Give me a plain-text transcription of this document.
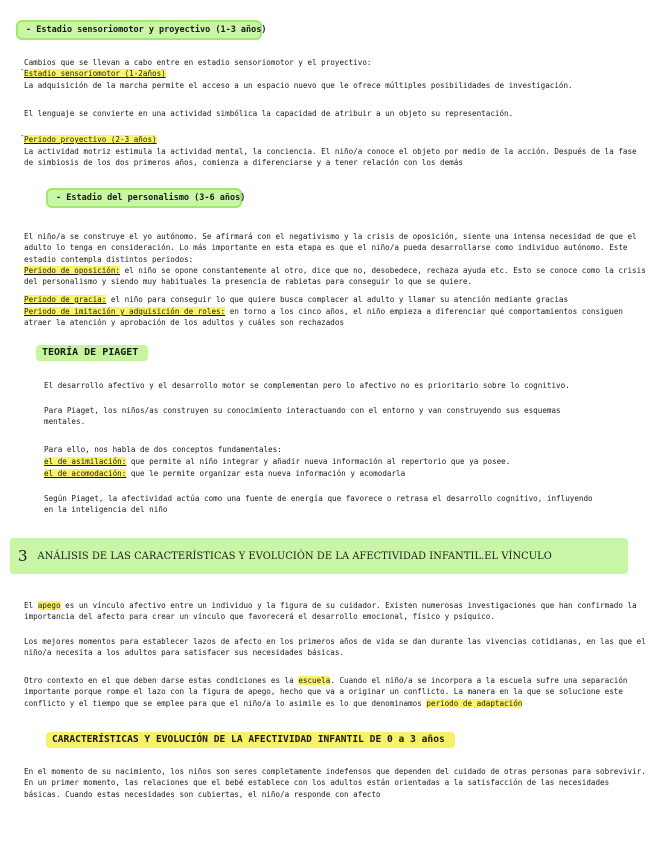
- Estadio sensoriomotor y proyectivo (1-3 años)
Cambios que se llevan a cabo entre en estadio sensoriomotor y el proyectivo:
- Estadio sensoriomotor (1-2años)
La adquisición de la marcha permite el acceso a un espacio nuevo que le ofrece múltiples posibilidades de investigación.
El lenguaje se convierte en una actividad simbólica la capacidad de atribuir a un objeto su representación.
- Periodo proyectivo (2-3 años)
La actividad motriz estimula la actividad mental, la conciencia. El niño/a conoce el objeto por medio de la acción. Después de la fase
de simbiosis de los dos primeros años, comienza a diferenciarse y a tener relación con los demás
- Estadio del personalismo (3-6 años)
El niño/a se construye el yo autónomo. Se afirmará con el negativismo y la crisis de oposición, siente una intensa necesidad de que el adulto lo tenga en consideración. Lo más importante en esta etapa es que el niño/a pueda desarrollarse como individuo autónomo. Este estadio contempla distintos periodos:
Periodo de oposición: el niño se opone constantemente al otro, dice que no, desobedece, rechaza ayuda etc. Esto se conoce como la crisis del personalismo y siendo muy habituales la presencia de rabietas para conseguir lo que se quiere.
Periodo de gracia: el niño para conseguir lo que quiere busca complacer al adulto y llamar su atención mediante gracias
Periodo de imitación y adquisición de roles: en torno a los cinco años, el niño empieza a diferenciar qué comportamientos consiguen atraer la atención y aprobación de los adultos y cuáles son rechazados
TEORÍA DE PIAGET
El desarrollo afectivo y el desarrollo motor se complementan pero lo afectivo no es prioritario sobre lo cognitivo.
Para Piaget, los niños/as construyen su conocimiento interactuando con el entorno y van construyendo sus esquemas mentales.
Para ello, nos habla de dos conceptos fundamentales:
el de asimilación: que permite al niño integrar y añadir nueva información al repertorio que ya posee.
el de acomodación: que le permite organizar esta nueva información y acomodarla
Según Piaget, la afectividad actúa como una fuente de energía que favorece o retrasa el desarrollo cognitivo, influyendo en la inteligencia del niño
3	ANÁLISIS DE LAS CARACTERÍSTICAS Y EVOLUCIÓN DE LA AFECTIVIDAD INFANTIL.EL VÍNCULO
El apego es un vínculo afectivo entre un individuo y la figura de su cuidador. Existen numerosas investigaciones que han confirmado la importancia del afecto para crear un vínculo que favorecerá el desarrollo emocional, físico y psíquico.
Los mejores momentos para establecer lazos de afecto en los primeros años de vida se dan durante las vivencias cotidianas, en las que el niño/a necesita a los adultos para satisfacer sus necesidades básicas.
Otro contexto en el que deben darse estas condiciones es la escuela. Cuando el niño/a se incorpora a la escuela sufre una separación importante porque rompe el lazo con la figura de apego, hecho que va a originar un conflicto. La manera en la que se solucione este conflicto y el tiempo que se emplee para que el niño/a lo asimile es lo que denominamos periodo de adaptación
CARACTERÍSTICAS Y EVOLUCIÓN DE LA AFECTIVIDAD INFANTIL DE 0 a 3 años
En el momento de su nacimiento, los niños son seres completamente indefensos que dependen del cuidado de otras personas para sobrevivir. En un primer momento, las relaciones que el bebé establece con los adultos están orientadas a la satisfacción de las necesidades básicas. Cuando estas necesidades son cubiertas, el niño/a responde con afecto
